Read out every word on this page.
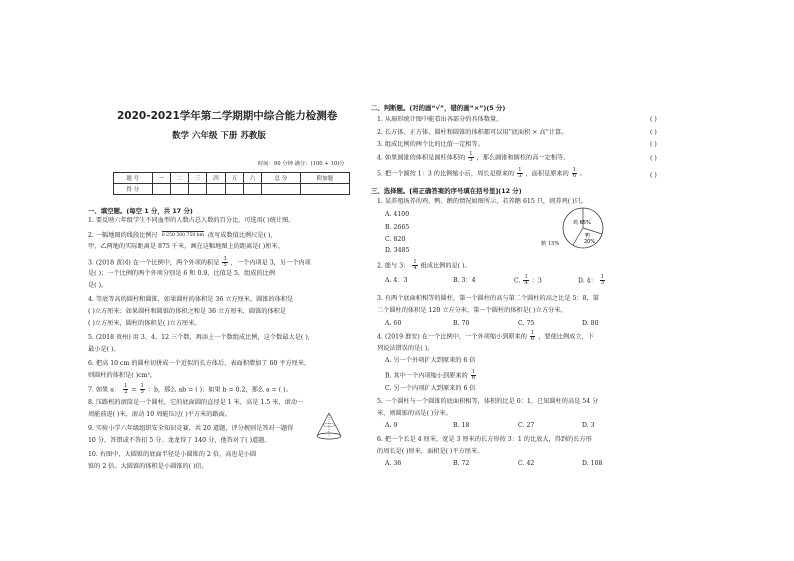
2020-2021学年第二学期期中综合能力检测卷
数学 六年级 下册 苏教版
时间：90 分钟 满分：(100 + 10)分
题 号	一	二	三	四	五	六	总 分	附加题
得 分								
一、填空题。(每空 1 分，共 17 分)
1. 要反映六年级学生不同血型的人数占总人数的百分比，可选用( )统计图。
2. 一幅地图的线段比例尺 0 250 500 750 km 改写成数值比例尺是( ),
甲、乙两地的实际距离是 875 千米，画在这幅地图上的距离是( )厘米。
3. (2018 黄冈) 在一个比例中，两个外项的积是 $\frac{3}{5}$ ，一个内项是 3，另一个内项
是( )；一个比例的两个外项分别是 6 和 0.9，比值是 5，组成的比例
是( )。
4. 等底等高的圆柱和圆锥，如果圆柱的体积是 36 立方厘米，圆锥的体积是
( )立方厘米；如果圆柱和圆锥的体积之和是 36 立方厘米，圆锥的体积是
( )立方厘米，圆柱的体积是( )立方厘米。
5. (2018 贵州) 用 3、4、12 三个数，再添上一个数组成比例，这个数最大是( )，
最小是( )。
6. 把高 10 cm 的圆柱切拼成一个近似的长方体后，表面积增加了 60 平方厘米，
则圆柱的体积是( )cm³。
7. 如果 a： $\frac{1}{2} = \frac{1}{5}$ ：b，那么 ab = ( )；如果 b = 0.2，那么 a = ( )。
8. 压路机的滚筒是一个圆柱，它的底面圆的直径是 1 米，高是 1.5 米，滚动一
周能前进( )米，滚动 10 周能压过( )平方米的路面。
9. 实验小学六年级组织安全知识竞赛，共 20 道题，评分规则是答对一题得
10 分，答错或不答扣 5 分。龙龙得了 140 分，他答对了( )道题。
10. 右图中，大圆锥的底面半径是小圆锥的 2 倍，高也是小圆
锥的 2 倍。大圆锥的体积是小圆锥的( )倍。
二、判断题。(对的画“√”，错的画“×”)(5 分)
1. 从扇形统计图中能看出各部分的具体数量。	( )
2. 长方体、正方体、圆柱和圆锥的体积都可以用“底面积 × 高”计算。	( )
3. 组成比例的两个比的比值一定相等。	( )
4. 如果圆锥的体积是圆柱体积的 $\frac{1}{3}$ ，那么圆锥和圆柱的高一定相等。	( )
5. 把一个圆按 1：3 的比例缩小后，周长是原来的 $\frac{1}{3}$ ，面积是原来的 $\frac{1}{6}$ 。	( )
三、选择题。[将正确答案的序号填在括号里](12 分)
1. 某养殖场养的鸡、鸭、鹅的情况如图所示，若养鹅 615 只，则养鸡( )只。
A. 4100
B. 2665
C. 820
D. 3485
鸡 65%
鸭
20%
鹅 15%
2. 能与 3： $\frac{1}{4}$ 组成比例的是( )。
A. 4：3	B. 3：4	C. $\frac{1}{4}$ ：3	D. 4： $\frac{1}{3}$
3. 有两个底面积相等的圆柱，第一个圆柱的高与第二个圆柱的高之比是 5：8，第
二个圆柱的体积是 120 立方分米，第一个圆柱的体积是( )立方分米。
A. 60	B. 70	C. 75	D. 80
4. (2019 淮安) 在一个比例中，一个外项缩小到原来的 $\frac{1}{6}$ ，要使比例成立，下
列说法错误的是( )。
A. 另一个外项扩大到原来的 6 倍
B. 其中一个内项缩小到原来的 $\frac{1}{6}$
C. 另一个内项扩大到原来的 6 倍
5. 一个圆柱与一个圆锥的底面积相等，体积的比是 6：1，已知圆柱的高是 54 分
米，则圆锥的高是( )分米。
A. 9	B. 18	C. 27	D. 3
6. 把一个长是 4 厘米，宽是 3 厘米的长方形按 3：1 的比放大，得到的长方形
的周长是( )厘米，面积是( )平方厘米。
A. 36	B. 72	C. 42	D. 108
